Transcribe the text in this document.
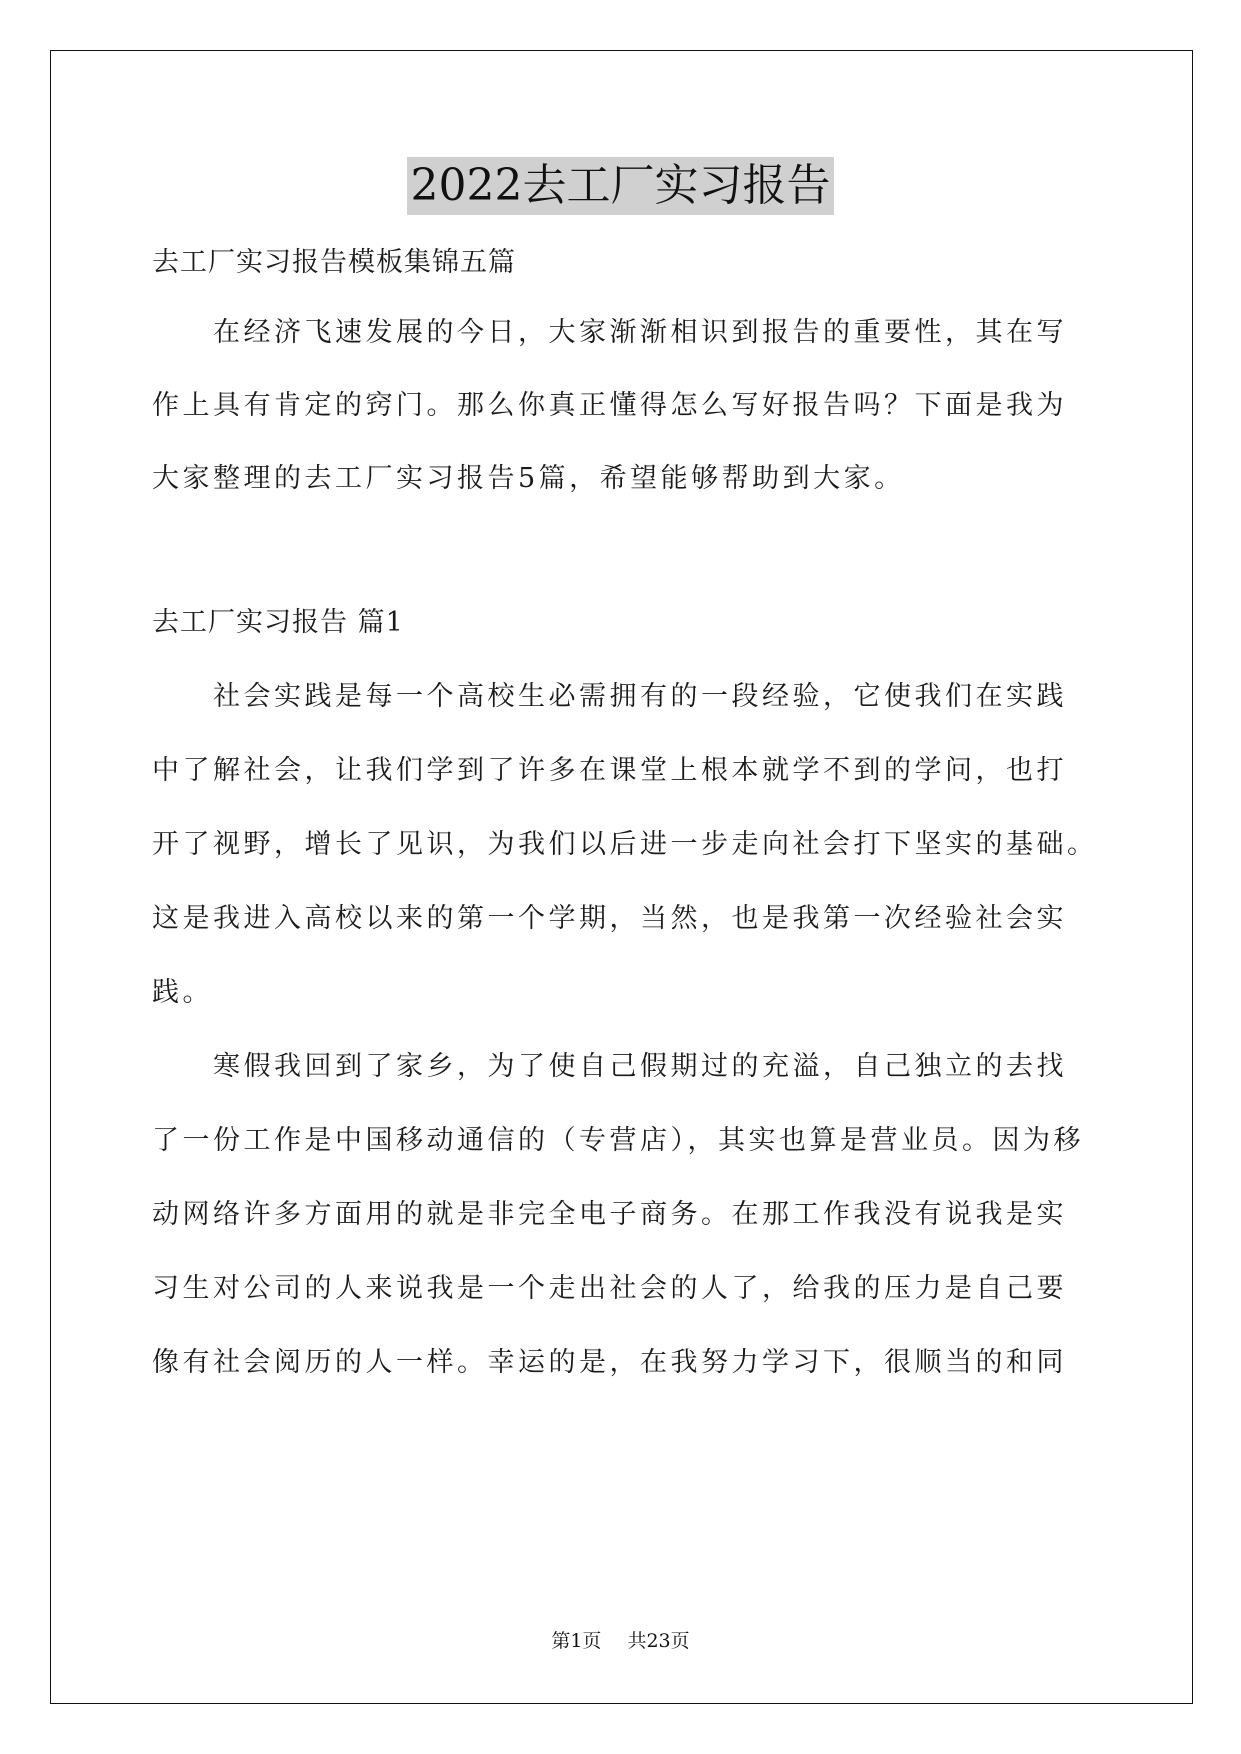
2022去工厂实习报告
去工厂实习报告模板集锦五篇
　　在经济飞速发展的今日，大家渐渐相识到报告的重要性，其在写
作上具有肯定的窍门。那么你真正懂得怎么写好报告吗？下面是我为
大家整理的去工厂实习报告5篇，希望能够帮助到大家。
去工厂实习报告 篇1
　　社会实践是每一个高校生必需拥有的一段经验，它使我们在实践
中了解社会，让我们学到了许多在课堂上根本就学不到的学问，也打
开了视野，增长了见识，为我们以后进一步走向社会打下坚实的基础。
这是我进入高校以来的第一个学期，当然，也是我第一次经验社会实
践。
　　寒假我回到了家乡，为了使自己假期过的充溢，自己独立的去找
了一份工作是中国移动通信的（专营店），其实也算是营业员。因为移
动网络许多方面用的就是非完全电子商务。在那工作我没有说我是实
习生对公司的人来说我是一个走出社会的人了，给我的压力是自己要
像有社会阅历的人一样。幸运的是，在我努力学习下，很顺当的和同
第1页 共23页
